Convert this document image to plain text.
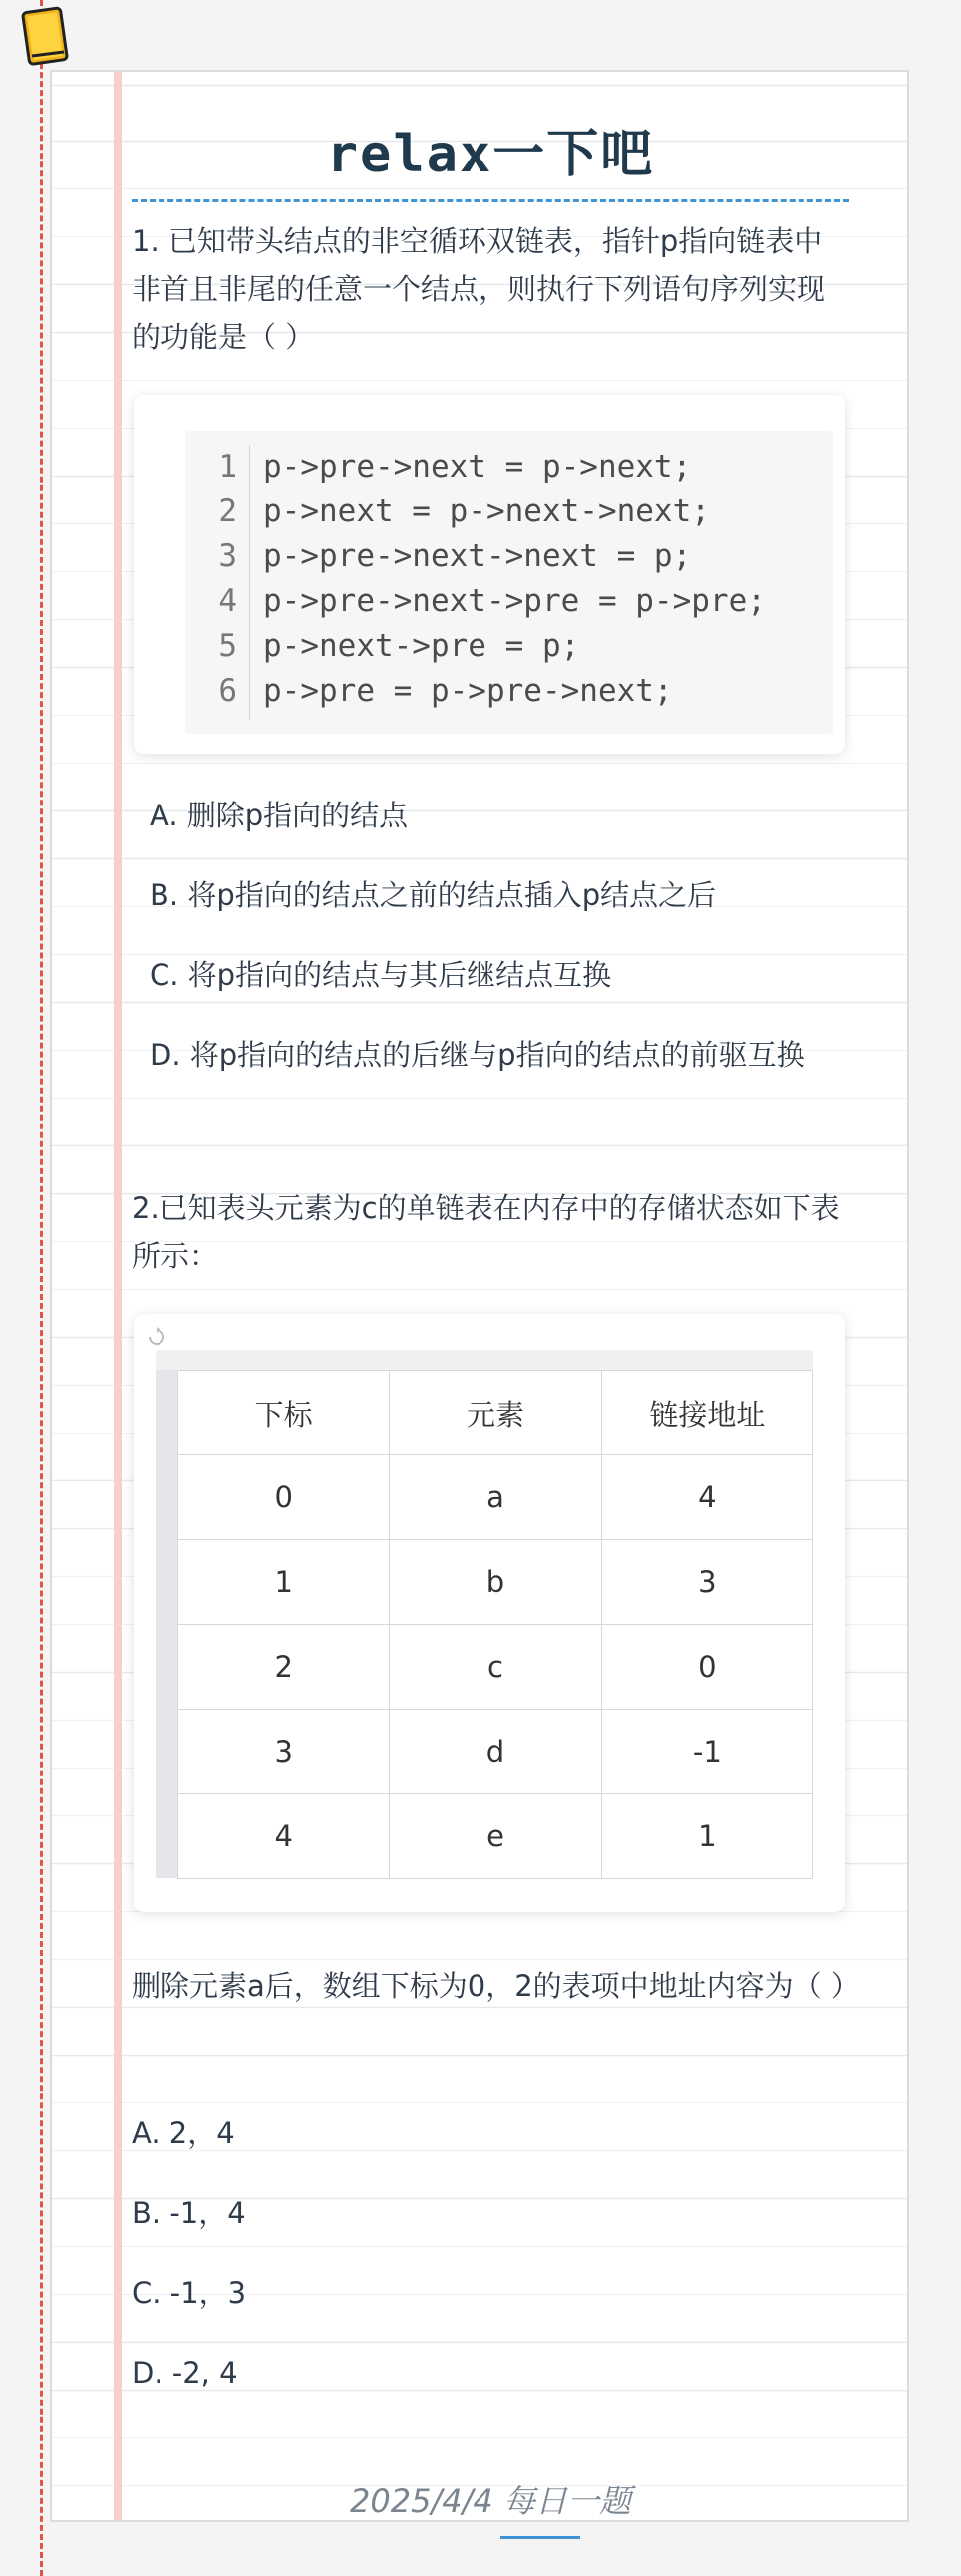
relax一下吧

1. 已知带头结点的非空循环双链表，指针p指向链表中非首且非尾的任意一个结点，则执行下列语句序列实现的功能是（ ）

1 p->pre->next = p->next;
2 p->next = p->next->next;
3 p->pre->next->next = p;
4 p->pre->next->pre = p->pre;
5 p->next->pre = p;
6 p->pre = p->pre->next;

A. 删除p指向的结点

B. 将p指向的结点之前的结点插入p结点之后

C. 将p指向的结点与其后继结点互换

D. 将p指向的结点的后继与p指向的结点的前驱互换

2.已知表头元素为c的单链表在内存中的存储状态如下表所示：

下标	元素	链接地址
0	a	4
1	b	3
2	c	0
3	d	-1
4	e	1

删除元素a后，数组下标为0，2的表项中地址内容为（ ）

A. 2，4

B. -1，4

C. -1，3

D. -2, 4

2025/4/4 每日一题
